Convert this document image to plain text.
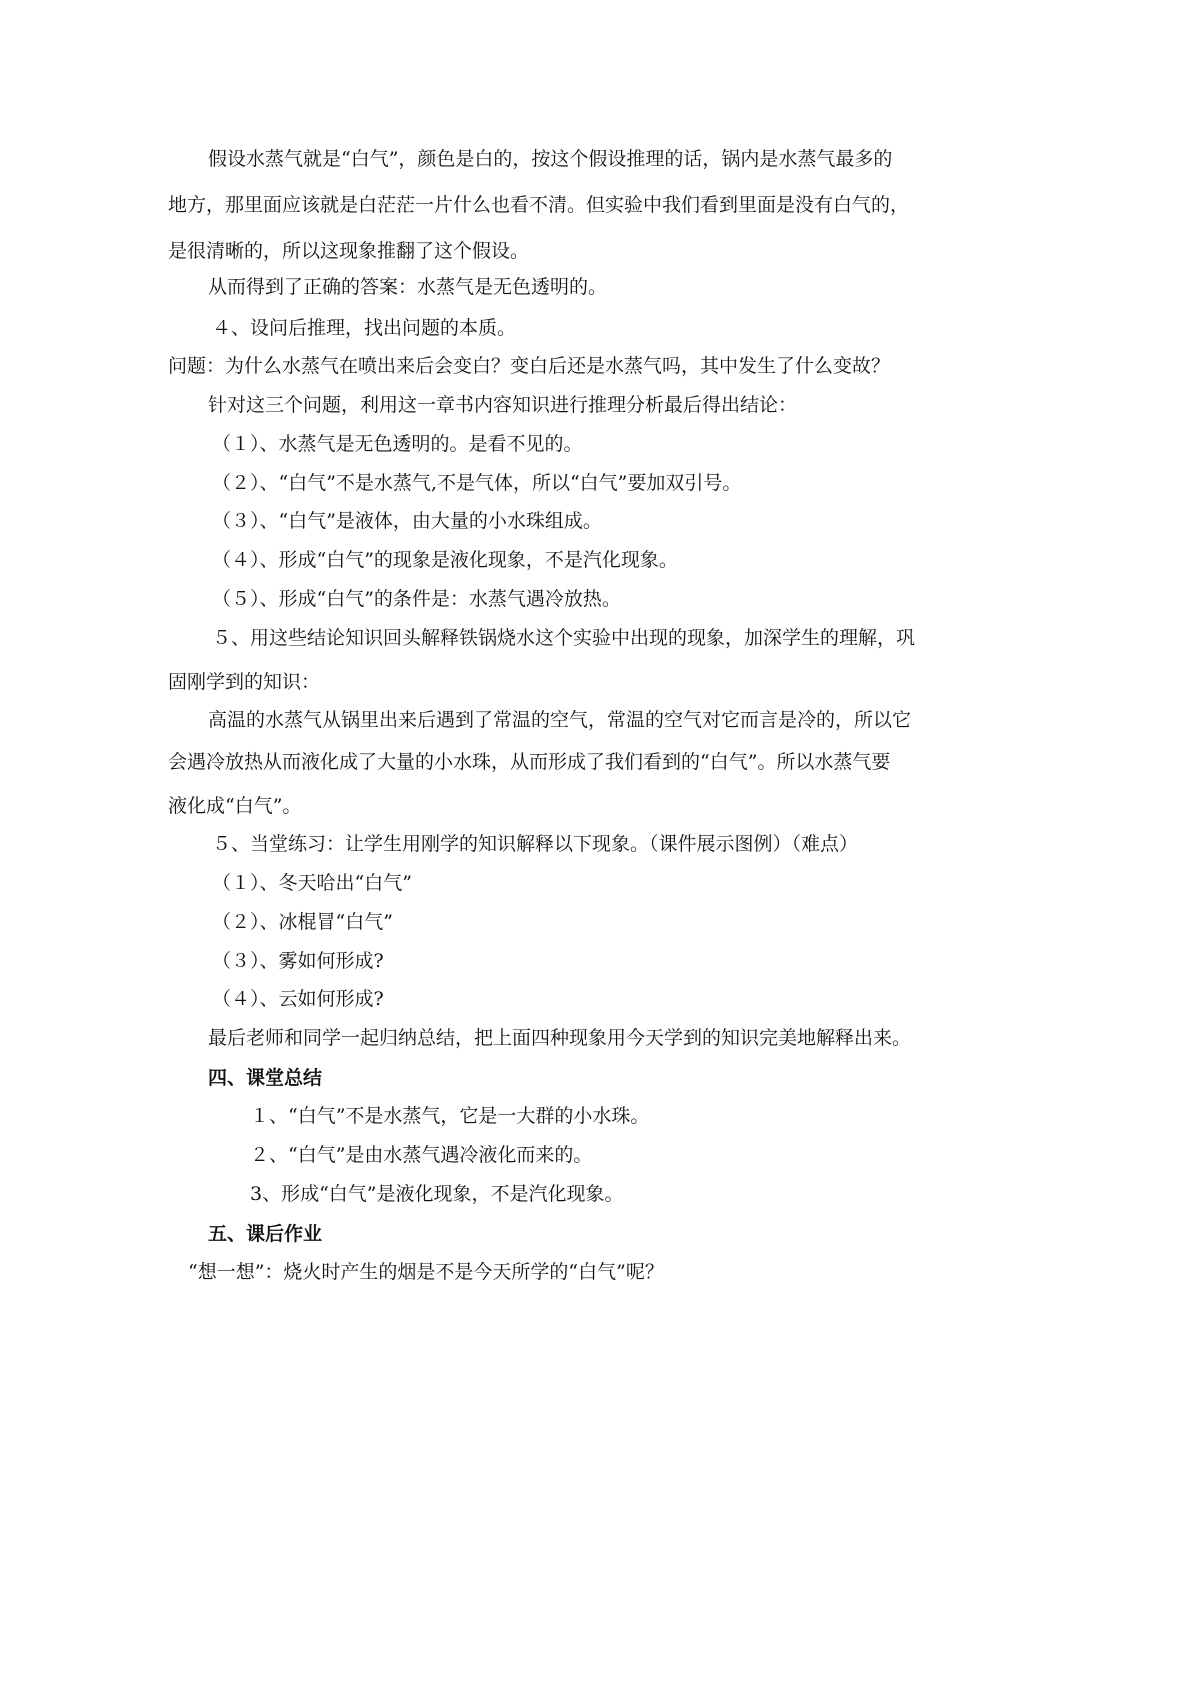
假设水蒸气就是“白气”，颜色是白的，按这个假设推理的话，锅内是水蒸气最多的

地方，那里面应该就是白茫茫一片什么也看不清。但实验中我们看到里面是没有白气的，

是很清晰的，所以这现象推翻了这个假设。

从而得到了正确的答案：水蒸气是无色透明的。

４、设问后推理，找出问题的本质。

问题：为什么水蒸气在喷出来后会变白？变白后还是水蒸气吗，其中发生了什么变故？

针对这三个问题，利用这一章书内容知识进行推理分析最后得出结论：

（１）、水蒸气是无色透明的。是看不见的。

（２）、“白气”不是水蒸气,不是气体，所以“白气”要加双引号。

（３）、“白气”是液体，由大量的小水珠组成。

（４）、形成“白气”的现象是液化现象，不是汽化现象。

（５）、形成“白气”的条件是：水蒸气遇冷放热。

５、用这些结论知识回头解释铁锅烧水这个实验中出现的现象，加深学生的理解，巩

固刚学到的知识：

高温的水蒸气从锅里出来后遇到了常温的空气，常温的空气对它而言是冷的，所以它

会遇冷放热从而液化成了大量的小水珠，从而形成了我们看到的“白气”。所以水蒸气要

液化成“白气”。

５、当堂练习：让学生用刚学的知识解释以下现象。（课件展示图例）（难点）

（１）、冬天哈出“白气”

（２）、冰棍冒“白气”

（３）、雾如何形成?

（４）、云如何形成?

最后老师和同学一起归纳总结，把上面四种现象用今天学到的知识完美地解释出来。

四、课堂总结

１、“白气”不是水蒸气，它是一大群的小水珠。

２、“白气”是由水蒸气遇冷液化而来的。

3、形成“白气”是液化现象，不是汽化现象。

五、课后作业

“想一想”：烧火时产生的烟是不是今天所学的“白气”呢？
